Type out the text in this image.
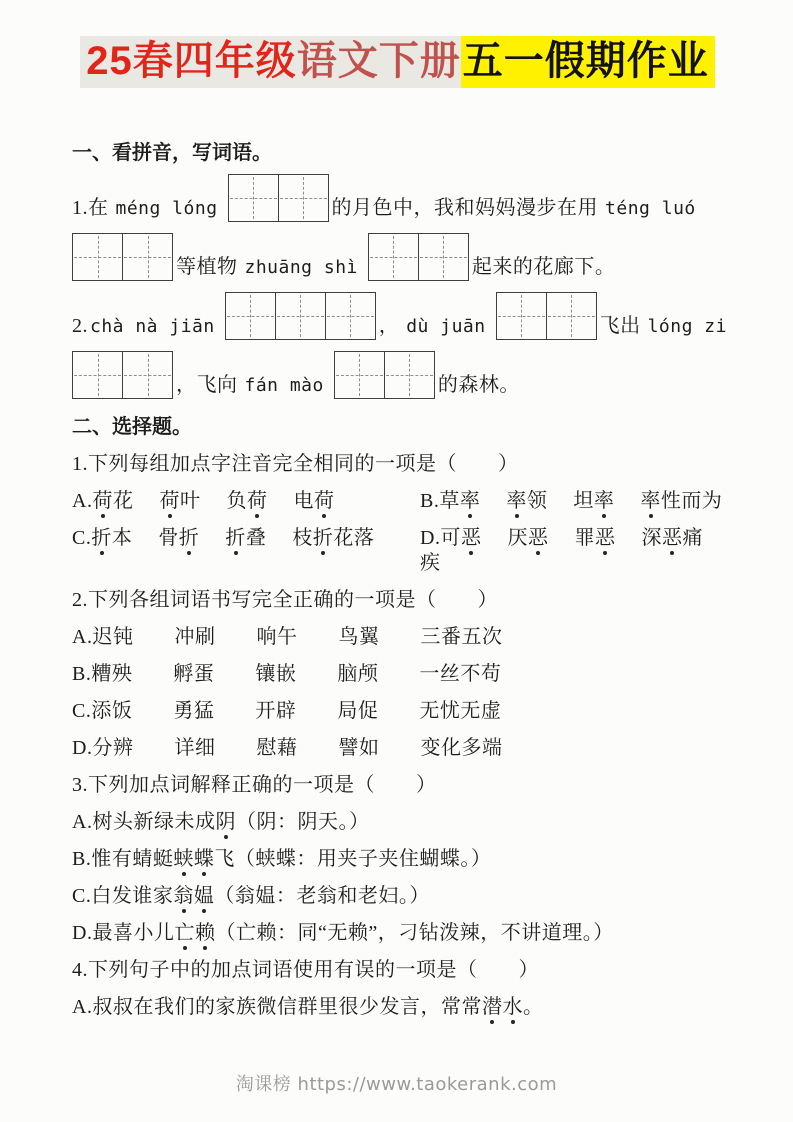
25春四年级语文下册五一假期作业
一、看拼音，写词语。
1.在 méng lóng	的月色中，我和妈妈漫步在用 téng luó
等植物 zhuāng shì	起来的花廊下。
2. chà nà jiān	， dù juān	飞出 lóng zi
，飞向 fán mào	的森林。
二、选择题。

1.下列每组加点字注音完全相同的一项是（　　）

A.荷花　 荷叶　 负荷　 电荷	B.草率　 率领　 坦率　 率性而为
C.折本　 骨折　 折叠　 枝折花落	D.可恶　 厌恶　 罪恶　 深恶痛疾

2.下列各组词语书写完全正确的一项是（　　）

A.迟钝　　冲刷　　响午　　鸟翼　　三番五次

B.糟殃　　孵蛋　　镶嵌　　脑颅　　一丝不苟

C.添饭　　勇猛　　开辟　　局促　　无忧无虚

D.分辨　　详细　　慰藉　　譬如　　变化多端

3.下列加点词解释正确的一项是（　　）

A.树头新绿未成阴（阴：阴天。）

B.惟有蜻蜓蛱蝶飞（蛱蝶：用夹子夹住蝴蝶。）

C.白发谁家翁媪（翁媪：老翁和老妇。）

D.最喜小儿亡赖（亡赖：同“无赖”，刁钻泼辣，不讲道理。）

4.下列句子中的加点词语使用有误的一项是（　　）

A.叔叔在我们的家族微信群里很少发言，常常潜水。

淘课榜 https://www.taokerank.com
